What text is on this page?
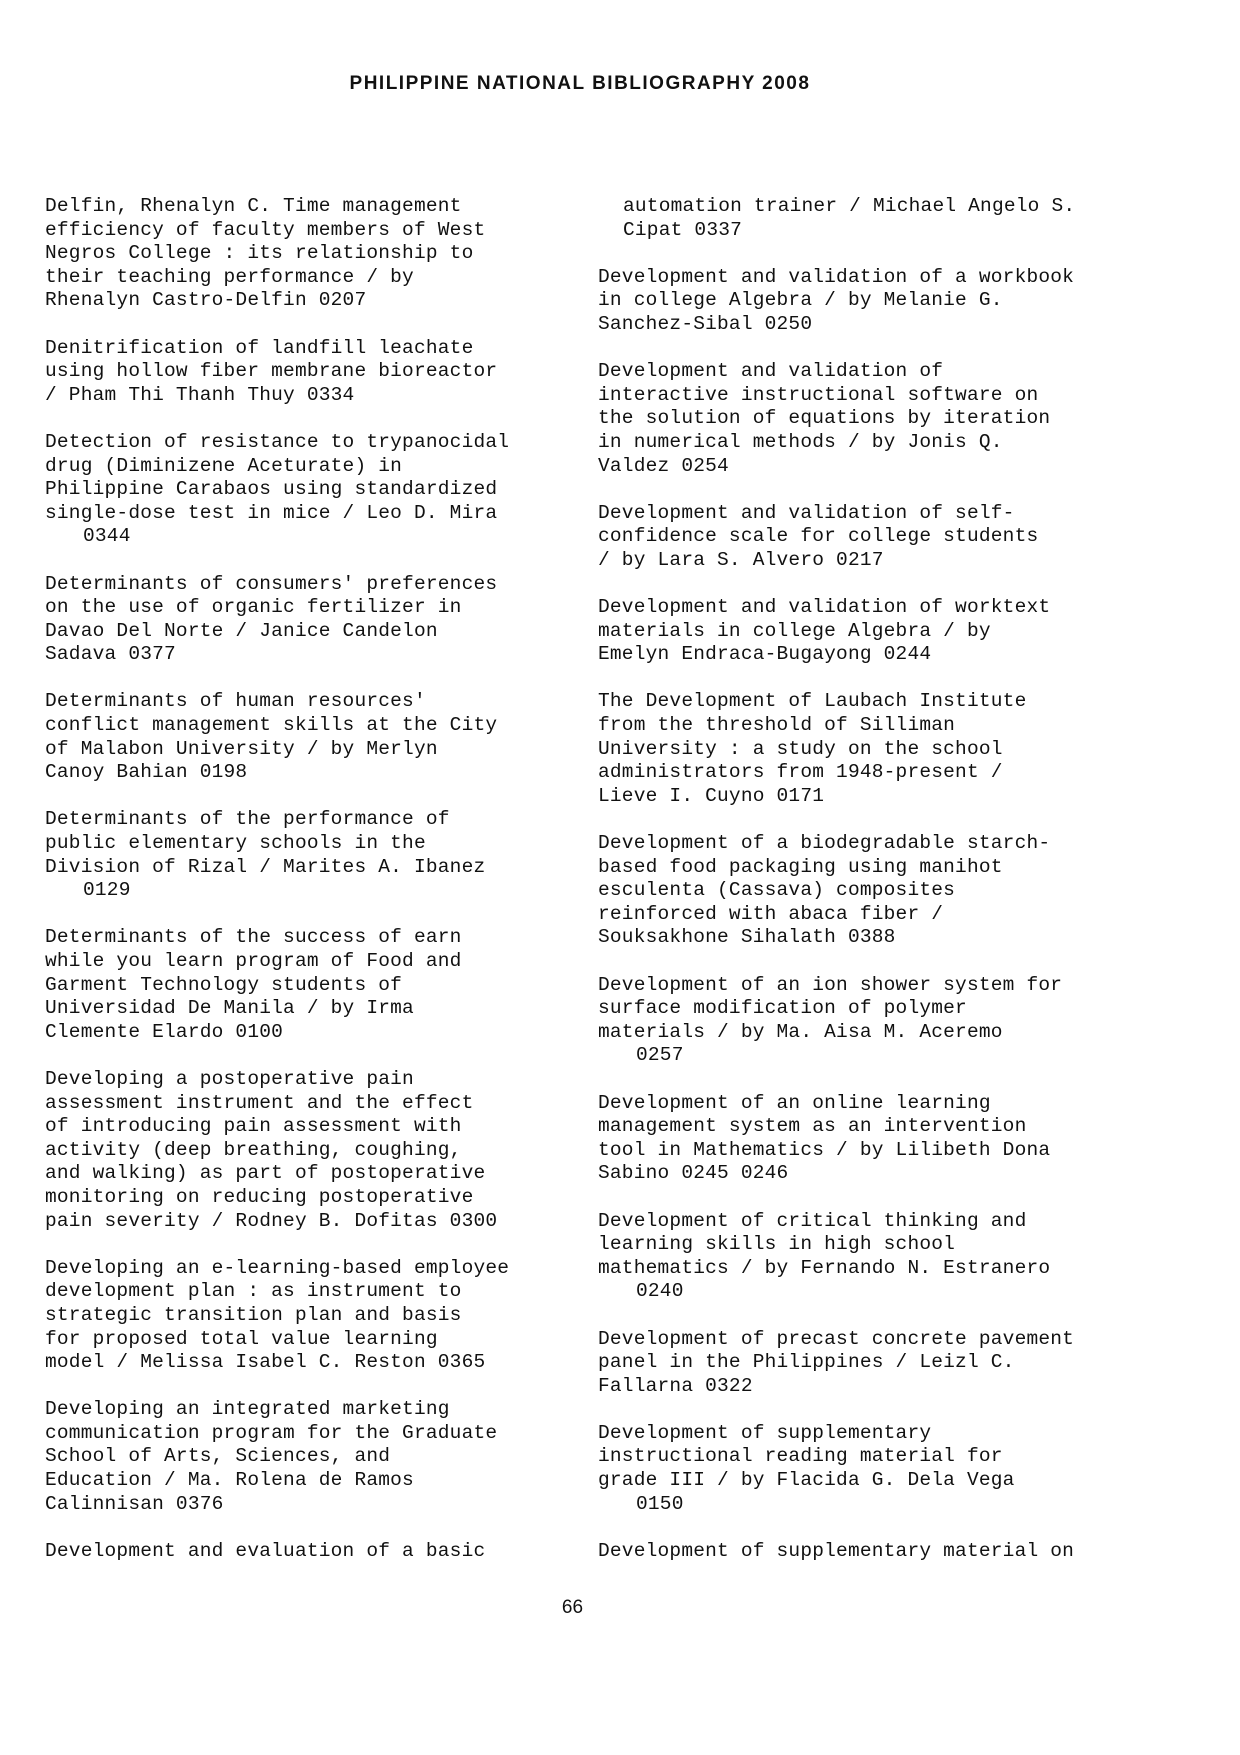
PHILIPPINE NATIONAL BIBLIOGRAPHY 2008
Delfin, Rhenalyn C. Time management
efficiency of faculty members of West
Negros College : its relationship to
their teaching performance / by
Rhenalyn Castro-Delfin 0207
Denitrification of landfill leachate
using hollow fiber membrane bioreactor
/ Pham Thi Thanh Thuy 0334
Detection of resistance to trypanocidal
drug (Diminizene Aceturate) in
Philippine Carabaos using standardized
single-dose test in mice / Leo D. Mira
0344
Determinants of consumers' preferences
on the use of organic fertilizer in
Davao Del Norte / Janice Candelon
Sadava 0377
Determinants of human resources'
conflict management skills at the City
of Malabon University / by Merlyn
Canoy Bahian 0198
Determinants of the performance of
public elementary schools in the
Division of Rizal / Marites A. Ibanez
0129
Determinants of the success of earn
while you learn program of Food and
Garment Technology students of
Universidad De Manila / by Irma
Clemente Elardo 0100
Developing a postoperative pain
assessment instrument and the effect
of introducing pain assessment with
activity (deep breathing, coughing,
and walking) as part of postoperative
monitoring on reducing postoperative
pain severity / Rodney B. Dofitas 0300
Developing an e-learning-based employee
development plan : as instrument to
strategic transition plan and basis
for proposed total value learning
model / Melissa Isabel C. Reston 0365
Developing an integrated marketing
communication program for the Graduate
School of Arts, Sciences, and
Education / Ma. Rolena de Ramos
Calinnisan 0376
Development and evaluation of a basic
automation trainer / Michael Angelo S.
Cipat 0337
Development and validation of a workbook
in college Algebra / by Melanie G.
Sanchez-Sibal 0250
Development and validation of
interactive instructional software on
the solution of equations by iteration
in numerical methods / by Jonis Q.
Valdez 0254
Development and validation of self-
confidence scale for college students
/ by Lara S. Alvero 0217
Development and validation of worktext
materials in college Algebra / by
Emelyn Endraca-Bugayong 0244
The Development of Laubach Institute
from the threshold of Silliman
University : a study on the school
administrators from 1948-present /
Lieve I. Cuyno 0171
Development of a biodegradable starch-
based food packaging using manihot
esculenta (Cassava) composites
reinforced with abaca fiber /
Souksakhone Sihalath 0388
Development of an ion shower system for
surface modification of polymer
materials / by Ma. Aisa M. Aceremo
0257
Development of an online learning
management system as an intervention
tool in Mathematics / by Lilibeth Dona
Sabino 0245 0246
Development of critical thinking and
learning skills in high school
mathematics / by Fernando N. Estranero
0240
Development of precast concrete pavement
panel in the Philippines / Leizl C.
Fallarna 0322
Development of supplementary
instructional reading material for
grade III / by Flacida G. Dela Vega
0150
Development of supplementary material on
66
